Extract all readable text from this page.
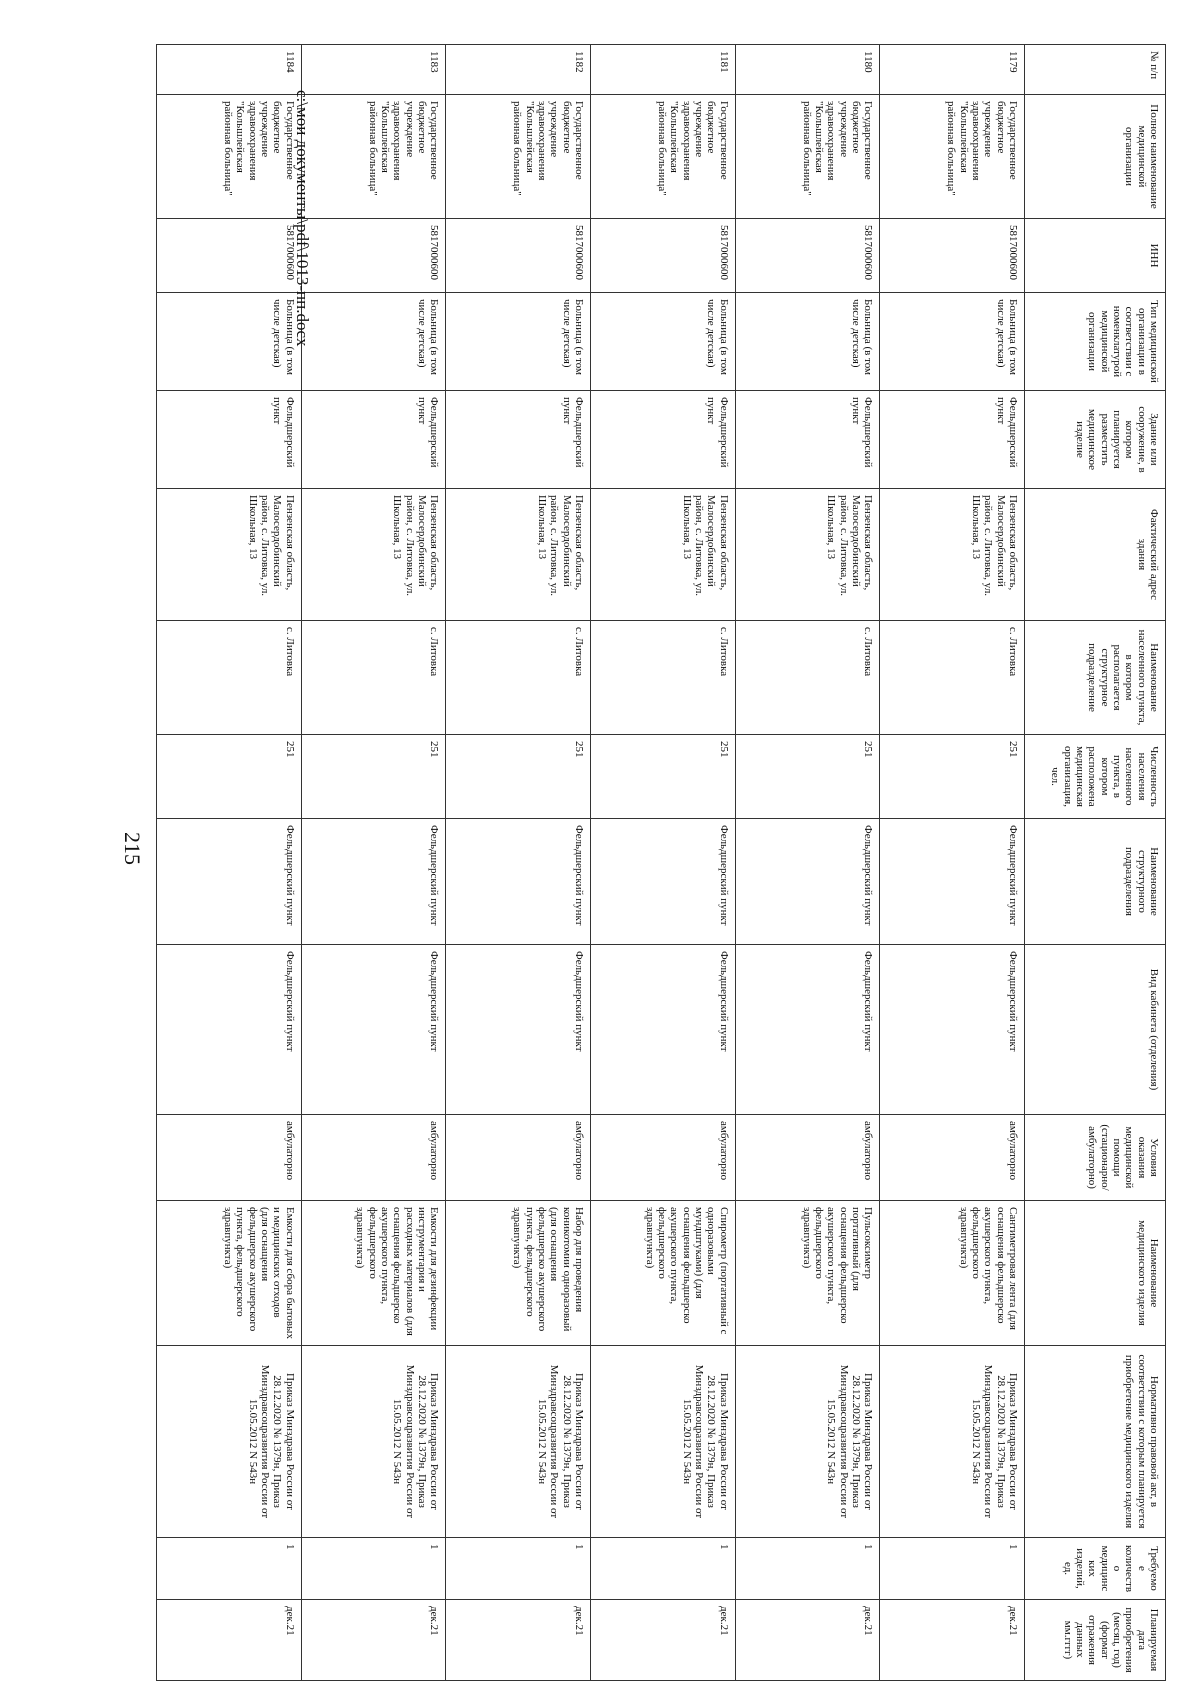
№ п/п	Полное наименование медицинской организации	ИНН	Тип медицинской организации в соответствии с номенклатурой медицинской организации	Здание или сооружение, в котором планируется разместить медицинское изделие	Фактический адрес здания	Наименование населенного пункта, в котором располагается структурное подразделение	Численность населения населенного пункта, в котором расположена медицинская организация, чел.	Наименование структурного подразделения	Вид кабинета (отделения)	Условия оказания медицинской помощи (стационарно/амбулаторно)	Наименование медицинского изделия	Нормативно правовой акт, в соответствии с которым планируется приобретение медицинского изделия	Требуемое количество медицинских изделий, ед.	Планируемая дата приобретения (месяц, год) (формат отражения данных мм.гггг)
1179	Государственное бюджетное учреждение здравоохранения "Кольшлейская районная больница"	5817000600	Больница (в том числе детская)	Фельдшерский пункт	Пензенская область, Малосердобинский район, с. Литовка, ул. Школьная, 13	с. Литовка	251	Фельдшерский пункт	Фельдшерский пункт	амбулаторно	Сантиметровая лента (для оснащения фельдшерско акушерского пункта, фельдшерского здравпункта)	Приказ Минздрава России от 28.12.2020 № 1379н, Приказ Минздравсоцразвития России от 15.05.2012 N 543н	1	дек.21
1180	Государственное бюджетное учреждение здравоохранения "Кольшлейская районная больница"	5817000600	Больница (в том числе детская)	Фельдшерский пункт	Пензенская область, Малосердобинский район, с. Литовка, ул. Школьная, 13	с. Литовка	251	Фельдшерский пункт	Фельдшерский пункт	амбулаторно	Пульсоксиметр портативный (для оснащения фельдшерско акушерского пункта, фельдшерского здравпункта)	Приказ Минздрава России от 28.12.2020 № 1379н, Приказ Минздравсоцразвития России от 15.05.2012 N 543н	1	дек.21
1181	Государственное бюджетное учреждение здравоохранения "Кольшлейская районная больница"	5817000600	Больница (в том числе детская)	Фельдшерский пункт	Пензенская область, Малосердобинский район, с. Литовка, ул. Школьная, 13	с. Литовка	251	Фельдшерский пункт	Фельдшерский пункт	амбулаторно	Спирометр (портативный с одноразовыми мундштуками) (для оснащения фельдшерско акушерского пункта, фельдшерского здравпункта)	Приказ Минздрава России от 28.12.2020 № 1379н, Приказ Минздравсоцразвития России от 15.05.2012 N 543н	1	дек.21
1182	Государственное бюджетное учреждение здравоохранения "Кольшлейская районная больница"	5817000600	Больница (в том числе детская)	Фельдшерский пункт	Пензенская область, Малосердобинский район, с. Литовка, ул. Школьная, 13	с. Литовка	251	Фельдшерский пункт	Фельдшерский пункт	амбулаторно	Набор для проведения коникотомии одноразовый (для оснащения фельдшерско акушерского пункта, фельдшерского здравпункта)	Приказ Минздрава России от 28.12.2020 № 1379н, Приказ Минздравсоцразвития России от 15.05.2012 N 543н	1	дек.21
1183	Государственное бюджетное учреждение здравоохранения "Кольшлейская районная больница"	5817000600	Больница (в том числе детская)	Фельдшерский пункт	Пензенская область, Малосердобинский район, с. Литовка, ул. Школьная, 13	с. Литовка	251	Фельдшерский пункт	Фельдшерский пункт	амбулаторно	Емкости для дезинфекции инструментария и расходных материалов (для оснащения фельдшерско акушерского пункта, фельдшерского здравпункта)	Приказ Минздрава России от 28.12.2020 № 1379н, Приказ Минздравсоцразвития России от 15.05.2012 N 543н	1	дек.21
1184	Государственное бюджетное учреждение здравоохранения "Кольшлейская районная больница"	5817000600	Больница (в том числе детская)	Фельдшерский пункт	Пензенская область, Малосердобинский район, с. Литовка, ул. Школьная, 13	с. Литовка	251	Фельдшерский пункт	Фельдшерский пункт	амбулаторно	Емкости для сбора бытовых и медицинских отходов (для оснащения фельдшерско акушерского пункта, фельдшерского здравпункта)	Приказ Минздрава России от 28.12.2020 № 1379н, Приказ Минздравсоцразвития России от 15.05.2012 N 543н	1	дек.21
215
c:\мои документы\pdf\1013-пп.docx
